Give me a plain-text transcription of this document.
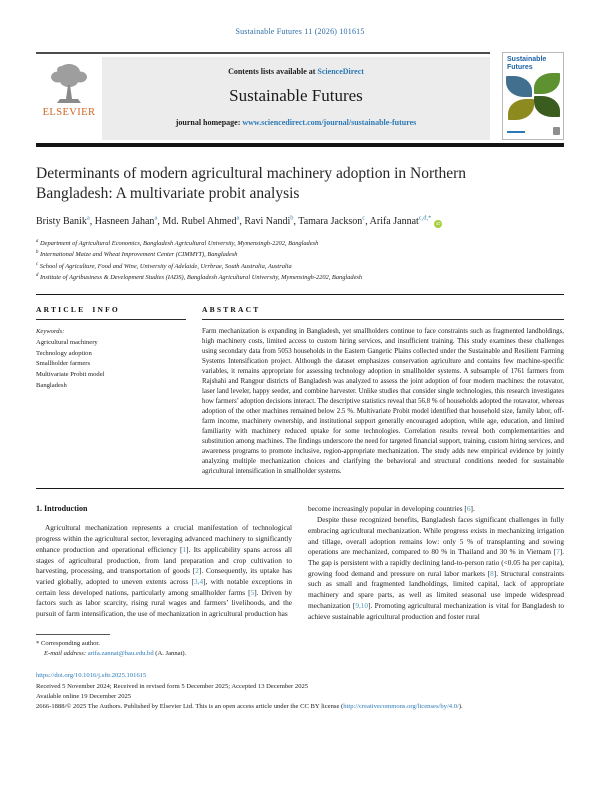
Sustainable Futures 11 (2026) 101615
ELSEVIER
Contents lists available at ScienceDirect
Sustainable Futures
journal homepage: www.sciencedirect.com/journal/sustainable-futures
Sustainable
Futures
Determinants of modern agricultural machinery adoption in Northern Bangladesh: A multivariate probit analysis
Bristy Banik$^a$, Hasneen Jahan$^a$, Md. Rubel Ahmed$^a$, Ravi Nandi$^b$, Tamara Jackson$^c$, Arifa Jannat$^{c,d,*}$iD
$^a$ Department of Agricultural Economics, Bangladesh Agricultural University, Mymensingh-2202, Bangladesh
$^b$ International Maize and Wheat Improvement Center (CIMMYT), Bangladesh
$^c$ School of Agriculture, Food and Wine, University of Adelaide, Urrbrae, South Australia, Australia
$^d$ Institute of Agribusiness & Development Studies (IADS), Bangladesh Agricultural University, Mymensingh-2202, Bangladesh
ARTICLE INFO
Keywords:
Agricultural machinery
Technology adoption
Smallholder farmers
Multivariate Probit model
Bangladesh
ABSTRACT
Farm mechanization is expanding in Bangladesh, yet smallholders continue to face constraints such as fragmented landholdings, high machinery costs, limited access to custom hiring services, and insufficient training. This study examines these challenges using secondary data from 5053 households in the Eastern Gangetic Plains collected under the Sustainable and Resilient Farming Systems Intensification project. Although the dataset emphasizes conservation agriculture and contains few machine-specific variables, it remains appropriate for assessing technology adoption in smallholder systems. A subsample of 1761 farmers from Rajshahi and Rangpur districts of Bangladesh was analyzed to assess the joint adoption of four modern machines: the rotavator, laser land leveler, happy seeder, and combine harvester. Unlike studies that consider single technologies, this research investigates how farmers’ adoption decisions interact. The descriptive statistics reveal that 56.8 % of households adopted the rotavator, whereas adoption of the other machines remained below 2.5 %. Multivariate Probit model identified that household size, family labor, off-farm income, machinery ownership, and institutional support generally encouraged adoption, while age, education, and limited familiarity with machinery reduced uptake for some technologies. Correlation results reveal both complementarities and substitution among machines. The findings underscore the need for targeted financial support, training, custom hiring services, and awareness programs to promote inclusive, region-appropriate mechanization. The study adds new empirical evidence by jointly analyzing multiple mechanization choices and clarifying the behavioral and structural conditions needed for sustainable agricultural intensification in smallholder systems.
1. Introduction
Agricultural mechanization represents a crucial manifestation of technological progress within the agricultural sector, leveraging advanced machinery to significantly enhance production and operational efficiency [1]. Its applicability spans across all stages of agricultural production, from land preparation and crop cultivation to harvesting, processing, and transportation of goods [2]. Consequently, its uptake has varied globally, adopted to uneven extents across [3,4], with notable exceptions in certain less developed nations, particularly among smallholder farms [5]. Driven by factors such as labor scarcity, rising rural wages and farmers’ livelihoods, and the pursuit of farm intensification, the use of mechanization in agricultural production has
* Corresponding author.
E-mail address: arifa.zannat@bau.edu.bd (A. Jannat).
become increasingly popular in developing countries [6].
Despite these recognized benefits, Bangladesh faces significant challenges in fully embracing agricultural mechanization. While progress exists in mechanizing irrigation and tillage, overall adoption remains low: only 5 % of transplanting and sowing operations are mechanized, compared to 80 % in Thailand and 30 % in Vietnam [7]. The gap is persistent with a rapidly declining land-to-person ratio (<0.05 ha per capita), growing food demand and pressure on rural labor markets [8]. Structural constraints such as small and fragmented landholdings, limited capital, lack of appropriate machinery and spare parts, as well as limited seasonal use impede widespread mechanization [9,10]. Promoting agricultural mechanization is vital for Bangladesh to achieve sustainable agricultural production and foster rural
https://doi.org/10.1016/j.sftr.2025.101615
Received 5 November 2024; Received in revised form 5 December 2025; Accepted 13 December 2025
Available online 19 December 2025
2666-1888/© 2025 The Authors. Published by Elsevier Ltd. This is an open access article under the CC BY license (http://creativecommons.org/licenses/by/4.0/).
